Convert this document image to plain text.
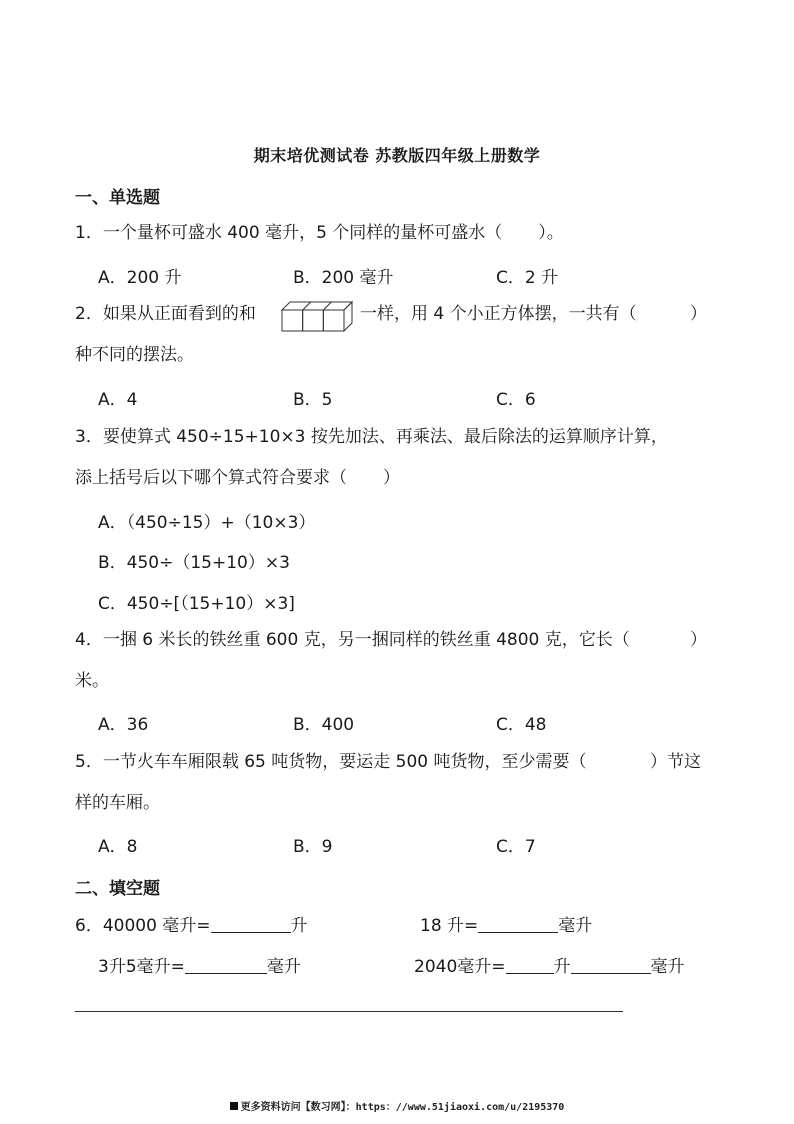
期末培优测试卷 苏教版四年级上册数学
一、单选题
1．一个量杯可盛水 400 毫升，5 个同样的量杯可盛水（ ）。
A．200 升	B．200 毫升	C．2 升
2．如果从正面看到的和	一样，用 4 个小正方体摆，一共有（	）
种不同的摆法。
A．4	B．5	C．6
3．要使算式 450÷15+10×3 按先加法、再乘法、最后除法的运算顺序计算，
添上括号后以下哪个算式符合要求（ ）
A．（450÷15）+（10×3）
B．450÷（15+10）×3
C．450÷[（15+10）×3]
4．一捆 6 米长的铁丝重 600 克，另一捆同样的铁丝重 4800 克，它长（	）
米。
A．36	B．400	C．48
5．一节火车车厢限载 65 吨货物，要运走 500 吨货物，至少需要（	）节这
样的车厢。
A．8	B．9	C．7
二、填空题
6．40000 毫升=	升	18 升=	毫升
3升5毫升=	毫升	2040毫升=	升	毫升
更多资料访问【数习网】：https：//www.51jiaoxi.com/u/2195370
